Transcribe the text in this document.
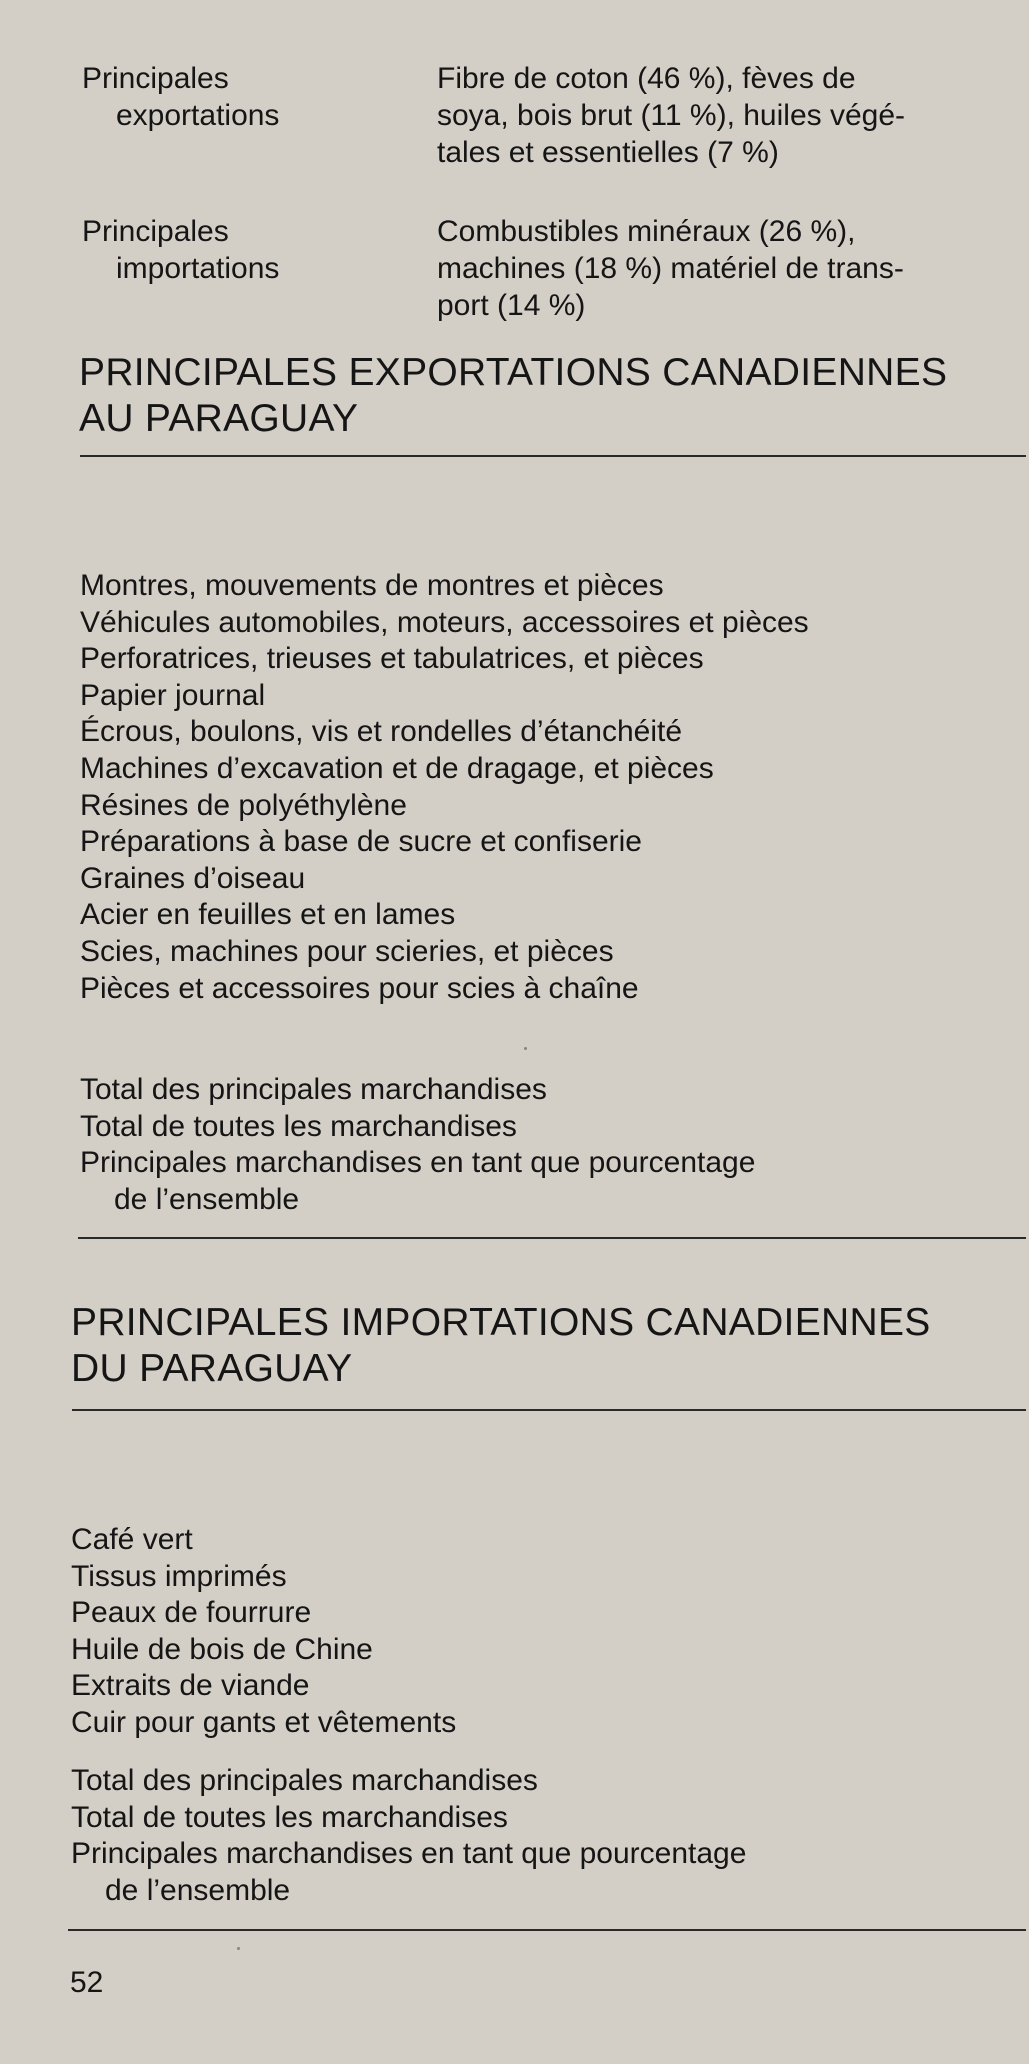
Principales
exportations
Fibre de coton (46 %), fèves de
soya, bois brut (11 %), huiles végé-
tales et essentielles (7 %)
Principales
importations
Combustibles minéraux (26 %),
machines (18 %) matériel de trans-
port (14 %)
PRINCIPALES EXPORTATIONS CANADIENNES
AU PARAGUAY
Montres, mouvements de montres et pièces
Véhicules automobiles, moteurs, accessoires et pièces
Perforatrices, trieuses et tabulatrices, et pièces
Papier journal
Écrous, boulons, vis et rondelles d’étanchéité
Machines d’excavation et de dragage, et pièces
Résines de polyéthylène
Préparations à base de sucre et confiserie
Graines d’oiseau
Acier en feuilles et en lames
Scies, machines pour scieries, et pièces
Pièces et accessoires pour scies à chaîne
Total des principales marchandises
Total de toutes les marchandises
Principales marchandises en tant que pourcentage
de l’ensemble
PRINCIPALES IMPORTATIONS CANADIENNES
DU PARAGUAY
Café vert
Tissus imprimés
Peaux de fourrure
Huile de bois de Chine
Extraits de viande
Cuir pour gants et vêtements
Total des principales marchandises
Total de toutes les marchandises
Principales marchandises en tant que pourcentage
de l’ensemble
52
